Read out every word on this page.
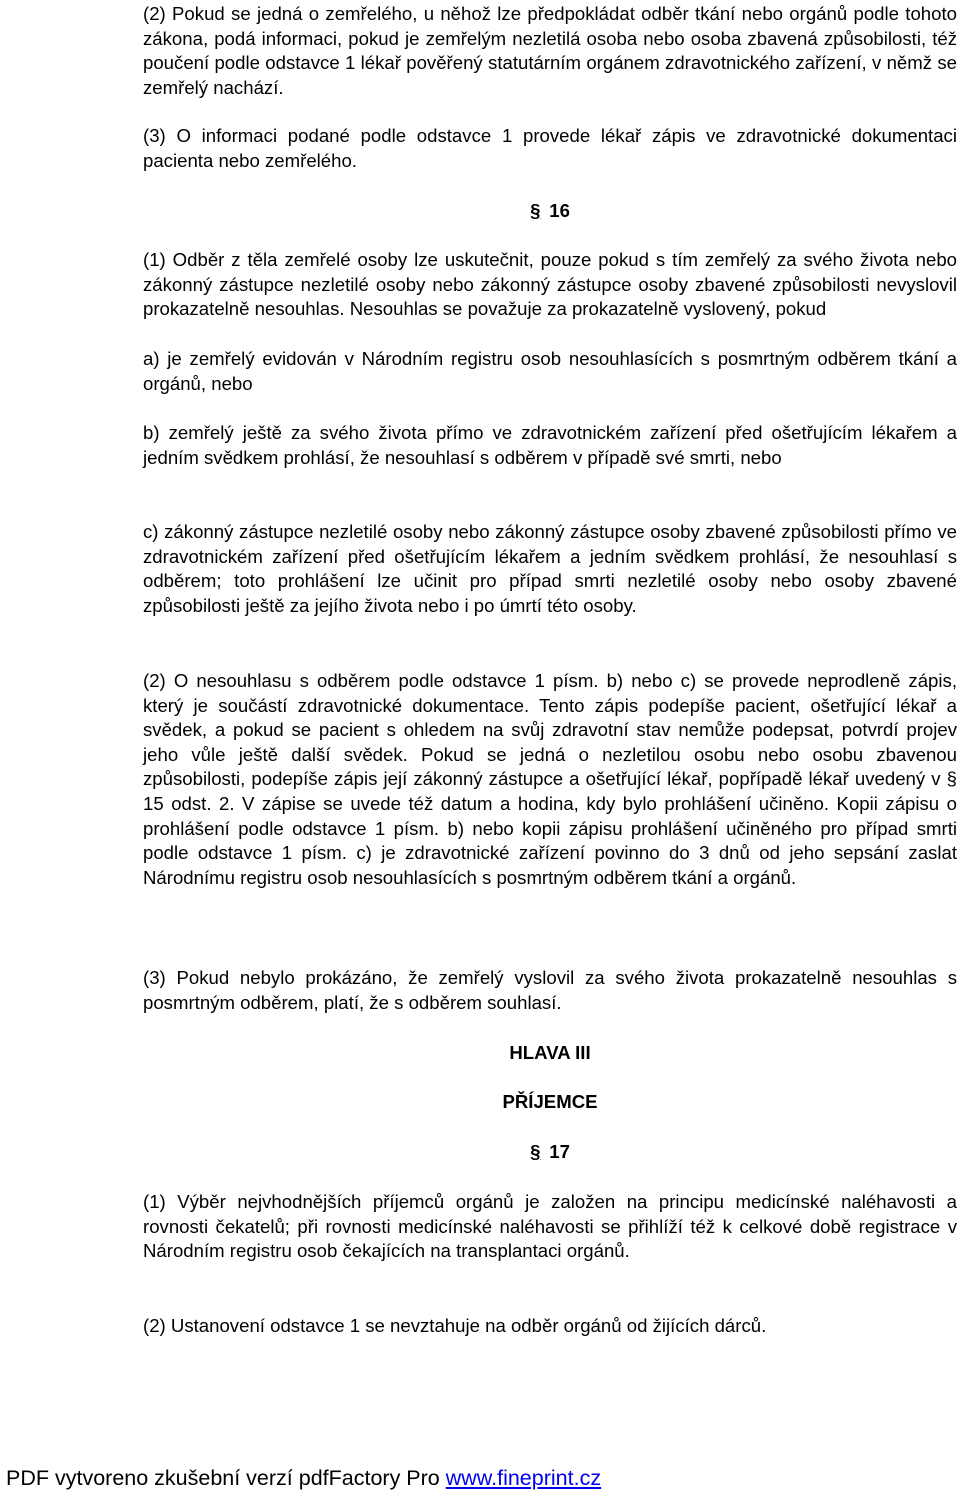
(2) Pokud se jedná o zemřelého, u něhož lze předpokládat odběr tkání nebo orgánů podle tohoto zákona, podá informaci, pokud je zemřelým nezletilá osoba nebo osoba zbavená způsobilosti, též poučení podle odstavce 1 lékař pověřený statutárním orgánem zdravotnického zařízení, v němž se zemřelý nachází.

(3) O informaci podané podle odstavce 1 provede lékař zápis ve zdravotnické dokumentaci pacienta nebo zemřelého.

§ 16

(1) Odběr z těla zemřelé osoby lze uskutečnit, pouze pokud s tím zemřelý za svého života nebo zákonný zástupce nezletilé osoby nebo zákonný zástupce osoby zbavené způsobilosti nevyslovil prokazatelně nesouhlas. Nesouhlas se považuje za prokazatelně vyslovený, pokud

a) je zemřelý evidován v Národním registru osob nesouhlasících s posmrtným odběrem tkání a orgánů, nebo

b) zemřelý ještě za svého života přímo ve zdravotnickém zařízení před ošetřujícím lékařem a jedním svědkem prohlásí, že nesouhlasí s odběrem v případě své smrti, nebo

c) zákonný zástupce nezletilé osoby nebo zákonný zástupce osoby zbavené způsobilosti přímo ve zdravotnickém zařízení před ošetřujícím lékařem a jedním svědkem prohlásí, že nesouhlasí s odběrem; toto prohlášení lze učinit pro případ smrti nezletilé osoby nebo osoby zbavené způsobilosti ještě za jejího života nebo i po úmrtí této osoby.

(2) O nesouhlasu s odběrem podle odstavce 1 písm. b) nebo c) se provede neprodleně zápis, který je součástí zdravotnické dokumentace. Tento zápis podepíše pacient, ošetřující lékař a svědek, a pokud se pacient s ohledem na svůj zdravotní stav nemůže podepsat, potvrdí projev jeho vůle ještě další svědek. Pokud se jedná o nezletilou osobu nebo osobu zbavenou způsobilosti, podepíše zápis její zákonný zástupce a ošetřující lékař, popřípadě lékař uvedený v § 15 odst. 2. V zápise se uvede též datum a hodina, kdy bylo prohlášení učiněno. Kopii zápisu o prohlášení podle odstavce 1 písm. b) nebo kopii zápisu prohlášení učiněného pro případ smrti podle odstavce 1 písm. c) je zdravotnické zařízení povinno do 3 dnů od jeho sepsání zaslat Národnímu registru osob nesouhlasících s posmrtným odběrem tkání a orgánů.

(3) Pokud nebylo prokázáno, že zemřelý vyslovil za svého života prokazatelně nesouhlas s posmrtným odběrem, platí, že s odběrem souhlasí.

HLAVA III
PŘÍJEMCE
§ 17

(1) Výběr nejvhodnějších příjemců orgánů je založen na principu medicínské naléhavosti a rovnosti čekatelů; při rovnosti medicínské naléhavosti se přihlíží též k celkové době registrace v Národním registru osob čekajících na transplantaci orgánů.

(2) Ustanovení odstavce 1 se nevztahuje na odběr orgánů od žijících dárců.

PDF vytvoreno zkušební verzí pdfFactory Pro www.fineprint.cz
